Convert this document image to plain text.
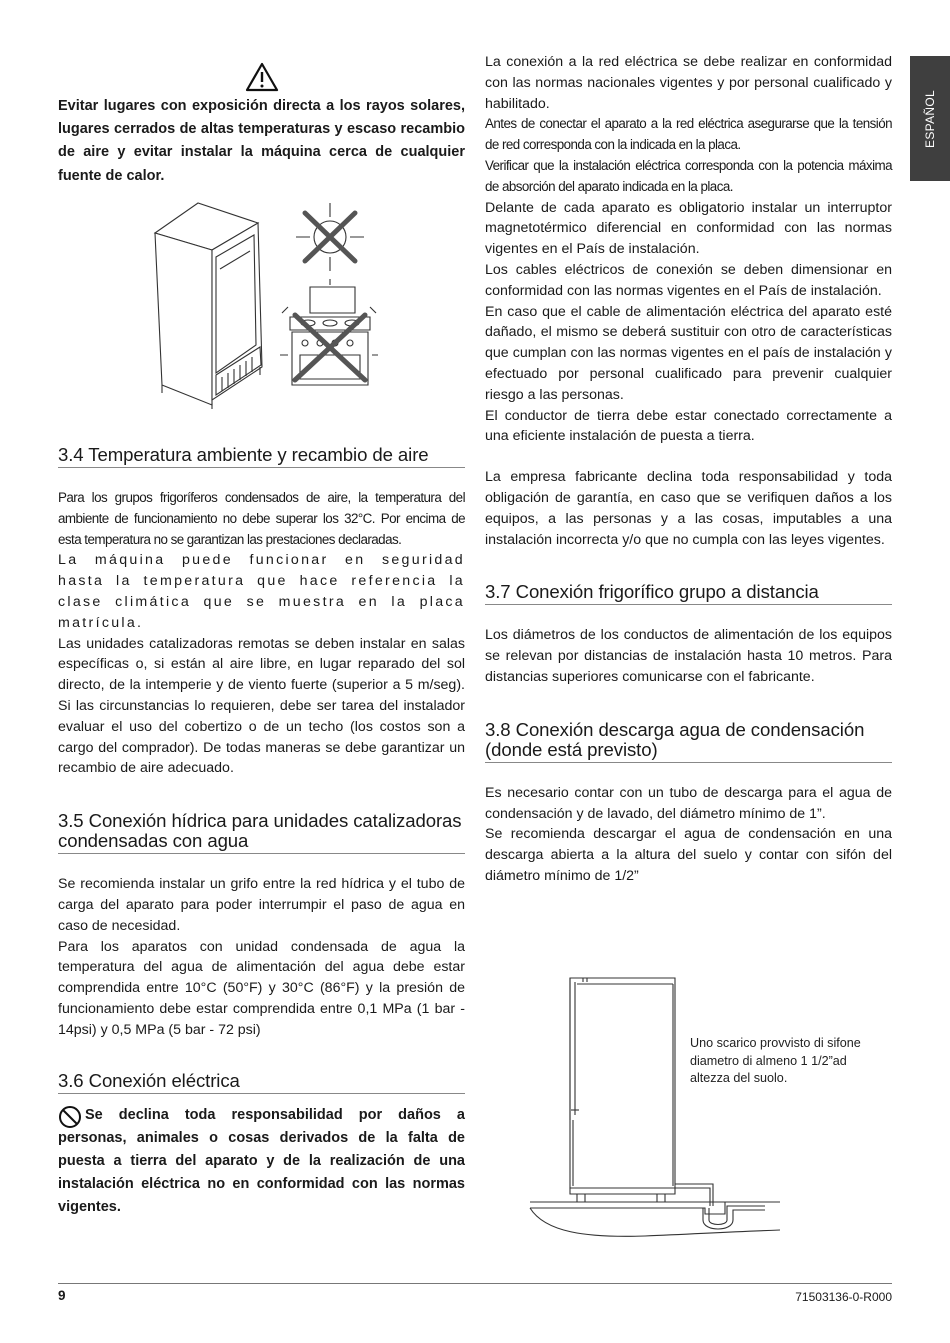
ESPAÑOL

Evitar lugares con exposición directa a los rayos solares, lugares cerrados de altas temperaturas y escaso recambio de aire y evitar instalar la máquina cerca de cualquier fuente de calor.

3.4 Temperatura ambiente y recambio de aire

Para los grupos frigoríferos condensados de aire, la temperatura del ambiente de funcionamiento no debe superar los 32°C. Por encima de esta temperatura no se garantizan las prestaciones declaradas.

La máquina puede funcionar en seguridad hasta la temperatura que hace referencia la clase climática que se muestra en la placa matrícula.

Las unidades catalizadoras remotas se deben instalar en salas específicas o, si están al aire libre, en lugar reparado del sol directo, de la intemperie y de viento fuerte (superior a 5 m/seg). Si las circunstancias lo requieren, debe ser tarea del instalador evaluar el uso del cobertizo o de un techo (los costos son a cargo del comprador). De todas maneras se debe garantizar un recambio de aire adecuado.

3.5 Conexión hídrica para unidades catalizadoras condensadas con agua

Se recomienda instalar un grifo entre la red hídrica y el tubo de carga del aparato para poder interrumpir el paso de agua en caso de necesidad.

Para los aparatos con unidad condensada de agua la temperatura del agua de alimentación del agua debe estar comprendida entre 10°C (50°F) y 30°C (86°F) y la presión de funcionamiento debe estar comprendida entre 0,1 MPa (1 bar - 14psi) y 0,5 MPa (5 bar - 72 psi)

3.6 Conexión eléctrica

Se declina toda responsabilidad por daños a personas, animales o cosas derivados de la falta de puesta a tierra del aparato y de la realización de una instalación eléctrica no en conformidad con las normas vigentes.

La conexión a la red eléctrica se debe realizar en conformidad con las normas nacionales vigentes y por personal cualificado y habilitado.

Antes de conectar el aparato a la red eléctrica asegurarse que la tensión de red corresponda con la indicada en la placa.

Verificar que la instalación eléctrica corresponda con la potencia máxima de absorción del aparato indicada en la placa.

Delante de cada aparato es obligatorio instalar un interruptor magnetotérmico diferencial en conformidad con las normas vigentes en el País de instalación.

Los cables eléctricos de conexión se deben dimensionar en conformidad con las normas vigentes en el País de instalación.

En caso que el cable de alimentación eléctrica del aparato esté dañado, el mismo se deberá sustituir con otro de características que cumplan con las normas vigentes en el país de instalación y efectuado por personal cualificado para prevenir cualquier riesgo a las personas.

El conductor de tierra debe estar conectado correctamente a una eficiente instalación de puesta a tierra.

La empresa fabricante declina toda responsabilidad y toda obligación de garantía, en caso que se verifiquen daños a los equipos, a las personas y a las cosas, imputables a una instalación incorrecta y/o que no cumpla con las leyes vigentes.

3.7 Conexión frigorífico grupo a distancia

Los diámetros de los conductos de alimentación de los equipos se relevan por distancias de instalación hasta 10 metros. Para distancias superiores comunicarse con el fabricante.

3.8 Conexión descarga agua de condensación (donde está previsto)

Es necesario contar con un tubo de descarga para el agua de condensación y de lavado, del diámetro mínimo de 1”.

Se recomienda descargar el agua de condensación en una descarga abierta a la altura del suelo y contar con sifón del diámetro mínimo de 1/2”

Uno scarico provvisto di sifone diametro di almeno 1 1/2”ad altezza del suolo.
9	71503136-0-R000
